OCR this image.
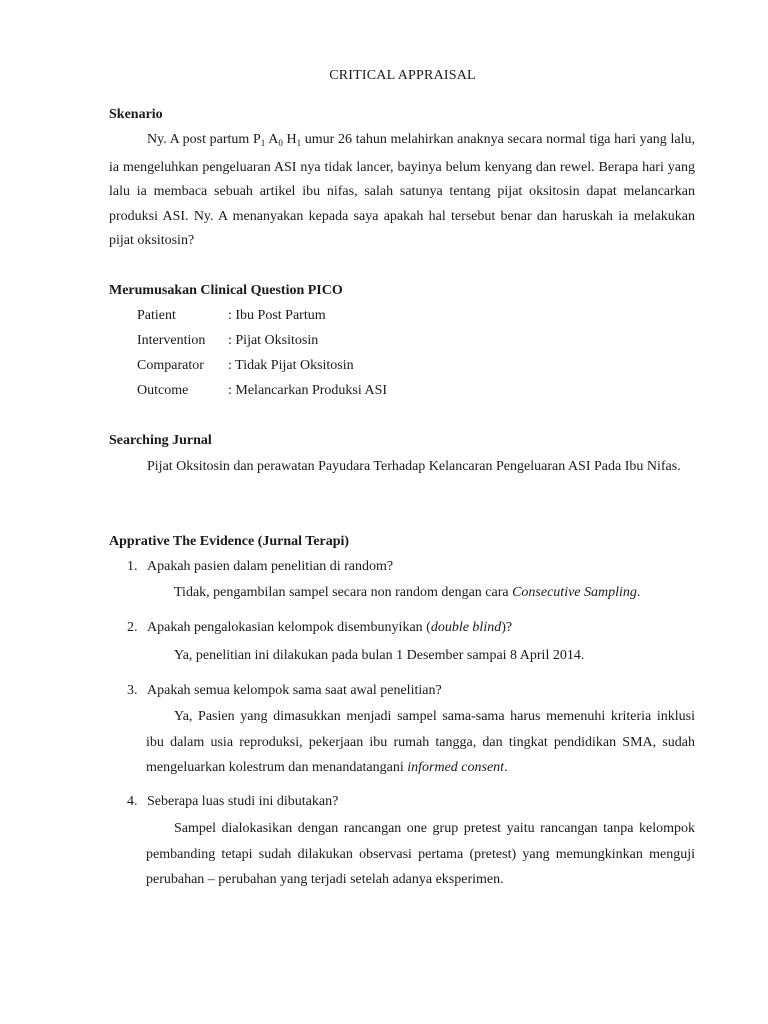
CRITICAL APPRAISAL
Skenario
Ny. A post partum $P_1$ $A_0$ $H_1$ umur 26 tahun melahirkan anaknya secara normal tiga hari yang lalu, ia mengeluhkan pengeluaran ASI nya tidak lancer, bayinya belum kenyang dan rewel. Berapa hari yang lalu ia membaca sebuah artikel ibu nifas, salah satunya tentang pijat oksitosin dapat melancarkan produksi ASI. Ny. A menanyakan kepada saya apakah hal tersebut benar dan haruskah ia melakukan pijat oksitosin?
Merumusakan Clinical Question PICO
Patient	: Ibu Post Partum
Intervention	: Pijat Oksitosin
Comparator	: Tidak Pijat Oksitosin
Outcome	: Melancarkan Produksi ASI
Searching Jurnal
Pijat Oksitosin dan perawatan Payudara Terhadap Kelancaran Pengeluaran ASI Pada Ibu Nifas.
Apprative The Evidence (Jurnal Terapi)
1. Apakah pasien dalam penelitian di random?
Tidak, pengambilan sampel secara non random dengan cara Consecutive Sampling.
2. Apakah pengalokasian kelompok disembunyikan (double blind)?
Ya, penelitian ini dilakukan pada bulan 1 Desember sampai 8 April 2014.
3. Apakah semua kelompok sama saat awal penelitian?
Ya, Pasien yang dimasukkan menjadi sampel sama-sama harus memenuhi kriteria inklusi ibu dalam usia reproduksi, pekerjaan ibu rumah tangga, dan tingkat pendidikan SMA, sudah mengeluarkan kolestrum dan menandatangani informed consent.
4. Seberapa luas studi ini dibutakan?
Sampel dialokasikan dengan rancangan one grup pretest yaitu rancangan tanpa kelompok pembanding tetapi sudah dilakukan observasi pertama (pretest) yang memungkinkan menguji perubahan – perubahan yang terjadi setelah adanya eksperimen.
